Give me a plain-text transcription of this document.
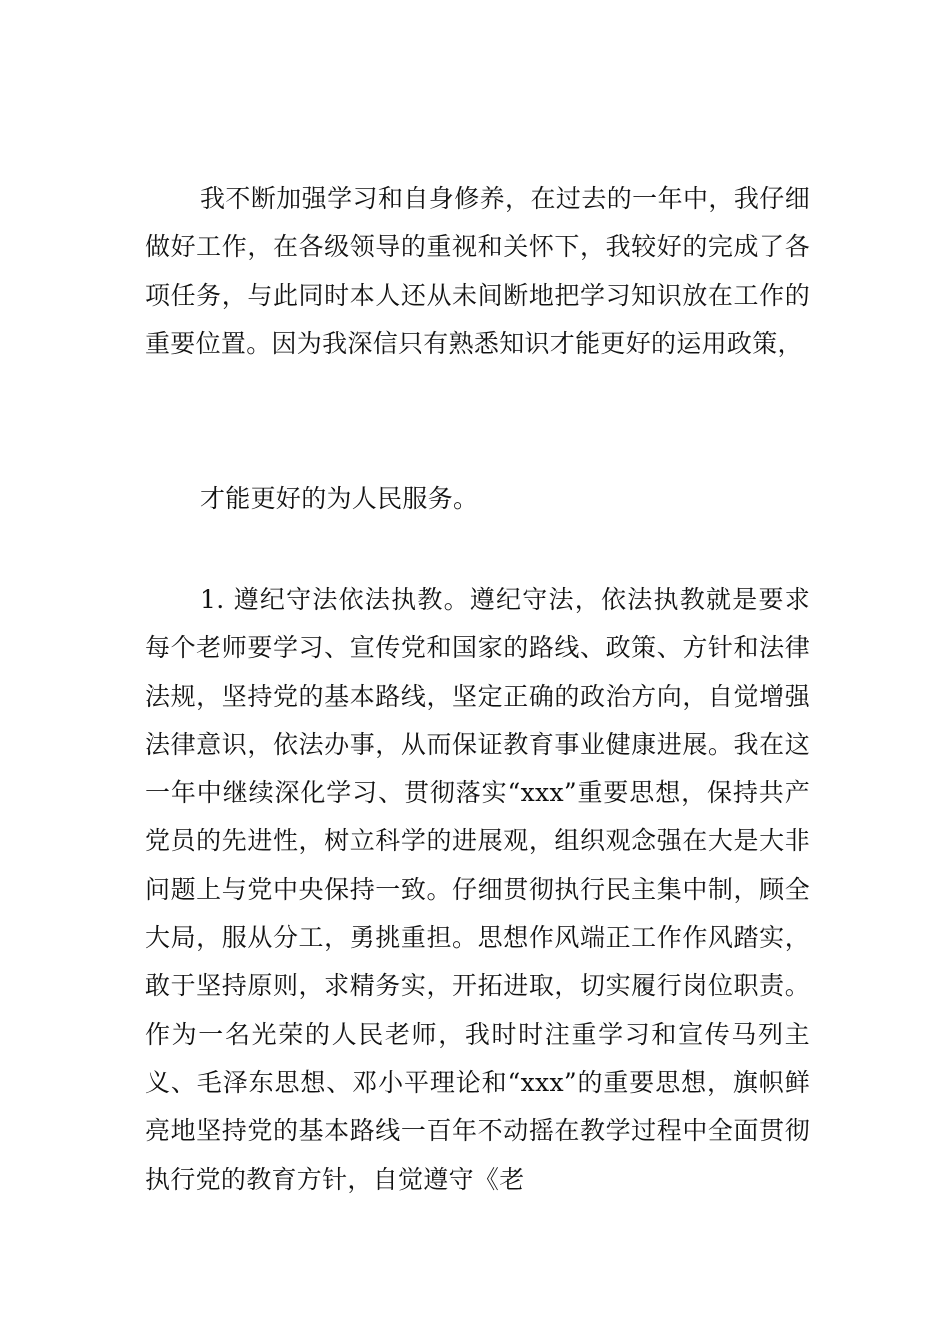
我不断加强学习和自身修养，在过去的一年中，我仔细做好工作，在各级领导的重视和关怀下，我较好的完成了各项任务，与此同时本人还从未间断地把学习知识放在工作的重要位置。因为我深信只有熟悉知识才能更好的运用政策，

才能更好的为人民服务。

1. 遵纪守法依法执教。遵纪守法，依法执教就是要求每个老师要学习、宣传党和国家的路线、政策、方针和法律法规，坚持党的基本路线，坚定正确的政治方向，自觉增强法律意识，依法办事，从而保证教育事业健康进展。我在这一年中继续深化学习、贯彻落实“xxx”重要思想，保持共产党员的先进性，树立科学的进展观，组织观念强在大是大非问题上与党中央保持一致。仔细贯彻执行民主集中制，顾全大局，服从分工，勇挑重担。思想作风端正工作作风踏实，敢于坚持原则，求精务实，开拓进取，切实履行岗位职责。作为一名光荣的人民老师，我时时注重学习和宣传马列主义、毛泽东思想、邓小平理论和“xxx”的重要思想，旗帜鲜亮地坚持党的基本路线一百年不动摇在教学过程中全面贯彻执行党的教育方针，自觉遵守《老
